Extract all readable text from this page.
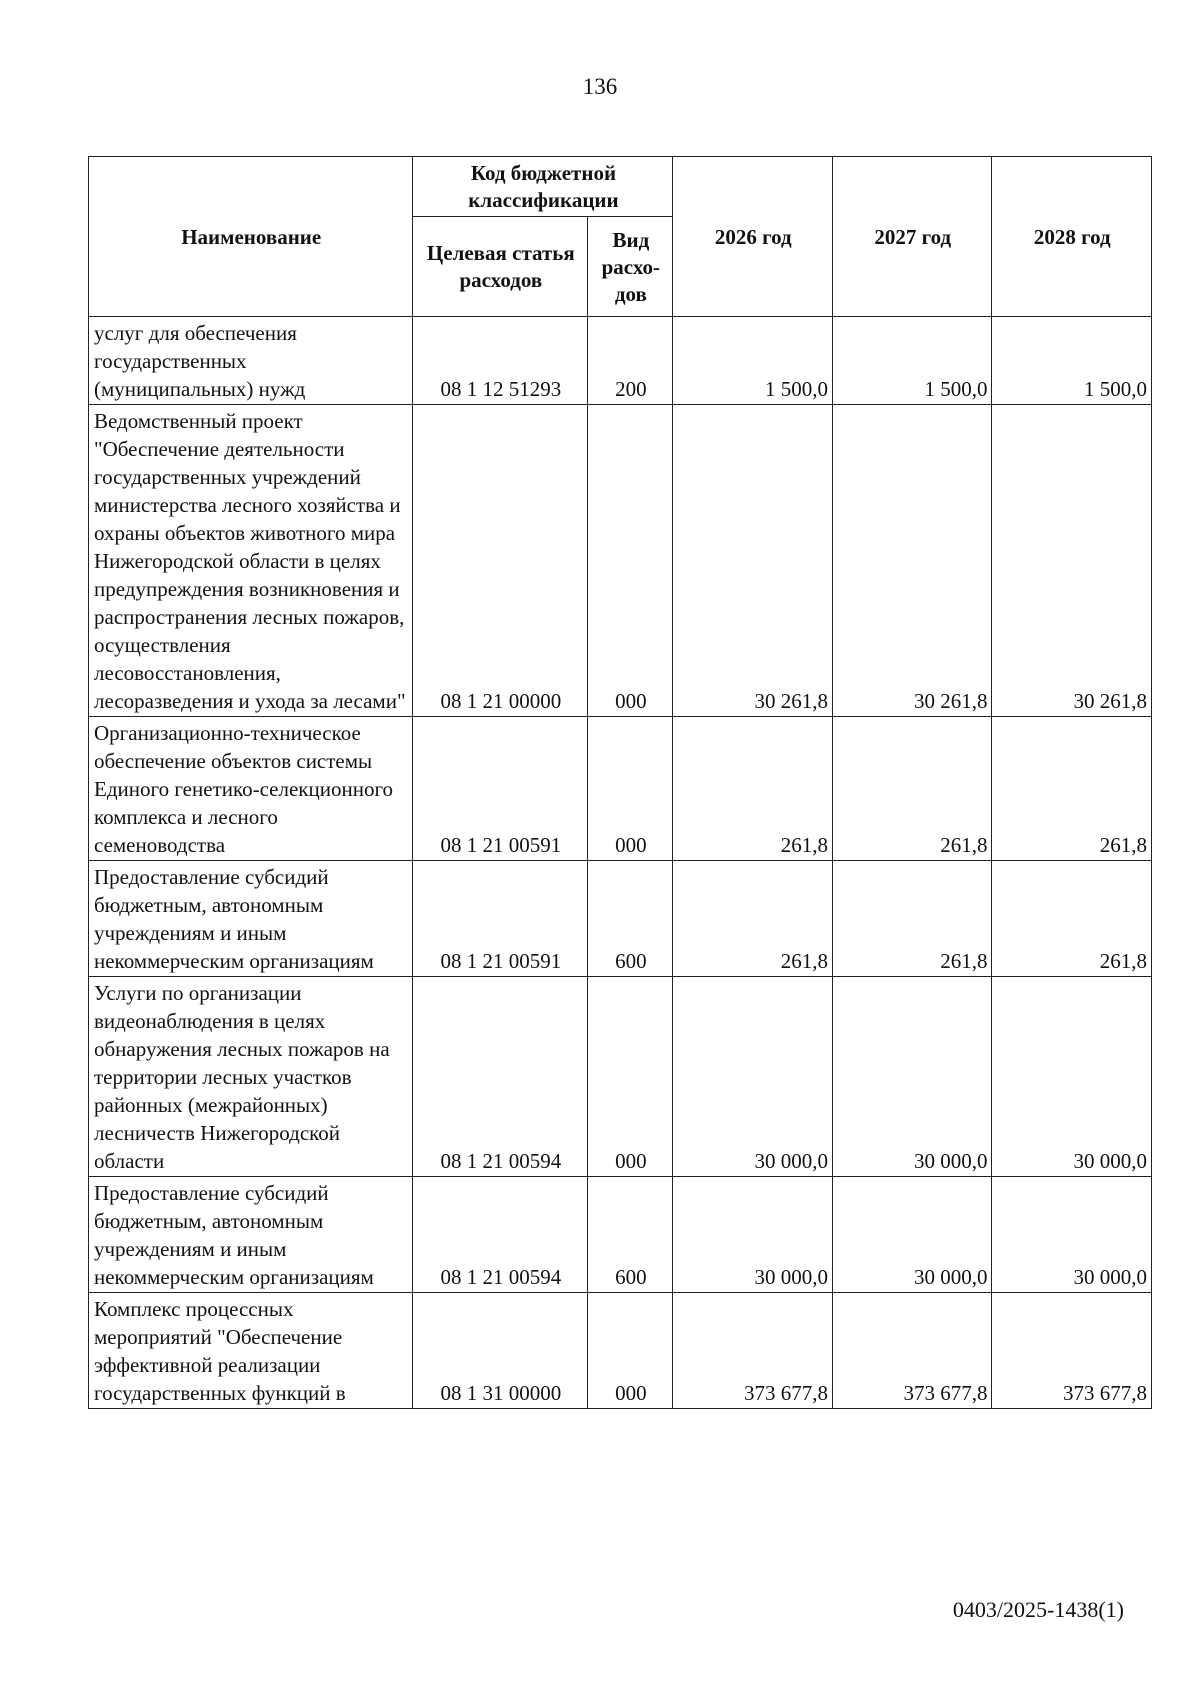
136
Наименование	Код бюджетной классификации		2026 год	2027 год	2028 год
	Целевая статья расходов	Вид расхо-дов			
услуг для обеспечения государственных (муниципальных) нужд	08 1 12 51293	200	1 500,0	1 500,0	1 500,0
Ведомственный проект "Обеспечение деятельности государственных учреждений министерства лесного хозяйства и охраны объектов животного мира Нижегородской области в целях предупреждения возникновения и распространения лесных пожаров, осуществления лесовосстановления, лесоразведения и ухода за лесами"	08 1 21 00000	000	30 261,8	30 261,8	30 261,8
Организационно-техническое обеспечение объектов системы Единого генетико-селекционного комплекса и лесного семеноводства	08 1 21 00591	000	261,8	261,8	261,8
Предоставление субсидий бюджетным, автономным учреждениям и иным некоммерческим организациям	08 1 21 00591	600	261,8	261,8	261,8
Услуги по организации видеонаблюдения в целях обнаружения лесных пожаров на территории лесных участков районных (межрайонных) лесничеств Нижегородской области	08 1 21 00594	000	30 000,0	30 000,0	30 000,0
Предоставление субсидий бюджетным, автономным учреждениям и иным некоммерческим организациям	08 1 21 00594	600	30 000,0	30 000,0	30 000,0
Комплекс процессных мероприятий "Обеспечение эффективной реализации государственных функций в	08 1 31 00000	000	373 677,8	373 677,8	373 677,8
0403/2025-1438(1)
